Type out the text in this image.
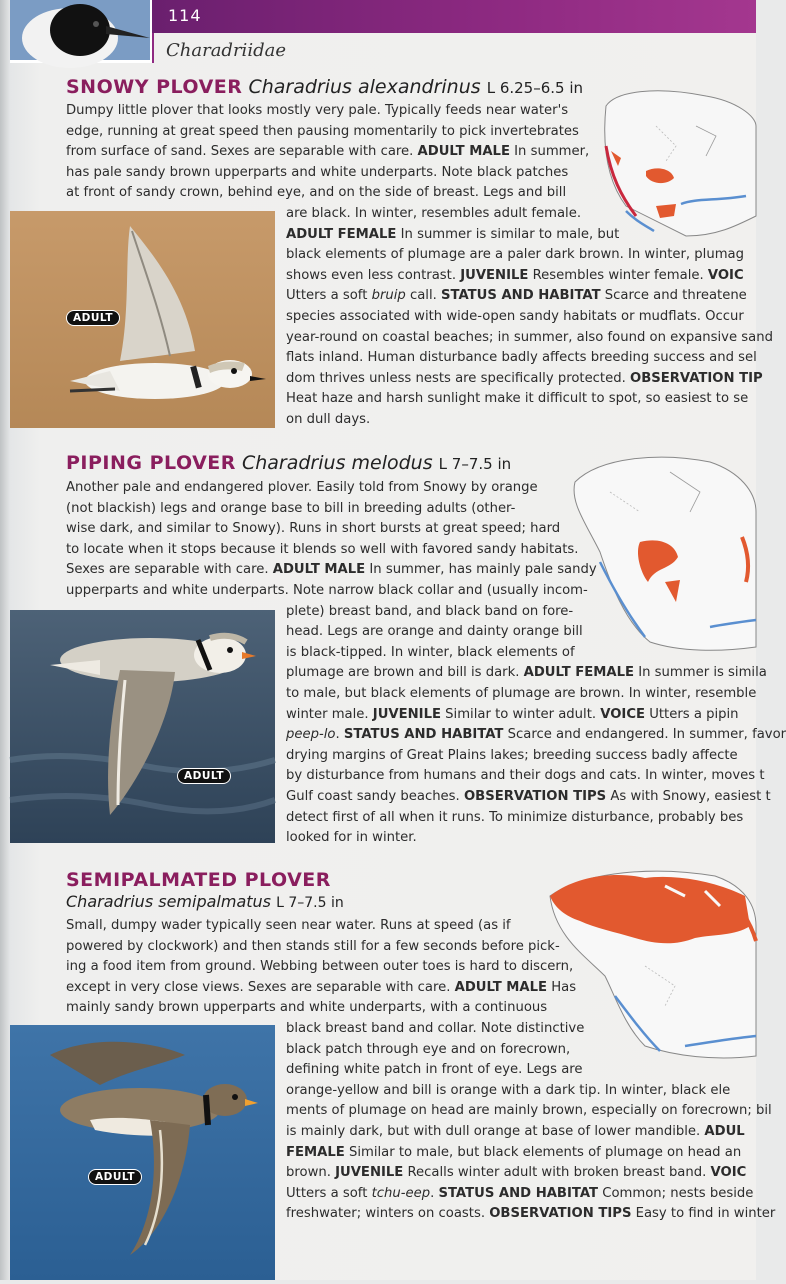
114
Charadriidae
SNOWY PLOVER Charadrius alexandrinus L 6.25–6.5 in
Dumpy little plover that looks mostly very pale. Typically feeds near water's
edge, running at great speed then pausing momentarily to pick invertebrates
from surface of sand. Sexes are separable with care. ADULT MALE In summer,
has pale sandy brown upperparts and white underparts. Note black patches
at front of sandy crown, behind eye, and on the side of breast. Legs and bill
are black. In winter, resembles adult female.
ADULT FEMALE In summer is similar to male, but
black elements of plumage are a paler dark brown. In winter, plumag
shows even less contrast. JUVENILE Resembles winter female. VOIC
Utters a soft bruip call. STATUS AND HABITAT Scarce and threatene
species associated with wide-open sandy habitats or mudflats. Occur
year-round on coastal beaches; in summer, also found on expansive sand
flats inland. Human disturbance badly affects breeding success and sel
dom thrives unless nests are specifically protected. OBSERVATION TIP
Heat haze and harsh sunlight make it difficult to spot, so easiest to se
on dull days.
ADULT
PIPING PLOVER Charadrius melodus L 7–7.5 in
Another pale and endangered plover. Easily told from Snowy by orange
(not blackish) legs and orange base to bill in breeding adults (other-
wise dark, and similar to Snowy). Runs in short bursts at great speed; hard
to locate when it stops because it blends so well with favored sandy habitats.
Sexes are separable with care. ADULT MALE In summer, has mainly pale sandy
upperparts and white underparts. Note narrow black collar and (usually incom-
plete) breast band, and black band on fore-
head. Legs are orange and dainty orange bill
is black-tipped. In winter, black elements of
plumage are brown and bill is dark. ADULT FEMALE In summer is simila
to male, but black elements of plumage are brown. In winter, resemble
winter male. JUVENILE Similar to winter adult. VOICE Utters a pipin
peep-lo. STATUS AND HABITAT Scarce and endangered. In summer, favor
drying margins of Great Plains lakes; breeding success badly affecte
by disturbance from humans and their dogs and cats. In winter, moves t
Gulf coast sandy beaches. OBSERVATION TIPS As with Snowy, easiest t
detect first of all when it runs. To minimize disturbance, probably bes
looked for in winter.
ADULT
SEMIPALMATED PLOVER
Charadrius semipalmatus L 7–7.5 in
Small, dumpy wader typically seen near water. Runs at speed (as if
powered by clockwork) and then stands still for a few seconds before pick-
ing a food item from ground. Webbing between outer toes is hard to discern,
except in very close views. Sexes are separable with care. ADULT MALE Has
mainly sandy brown upperparts and white underparts, with a continuous
black breast band and collar. Note distinctive
black patch through eye and on forecrown,
defining white patch in front of eye. Legs are
orange-yellow and bill is orange with a dark tip. In winter, black ele
ments of plumage on head are mainly brown, especially on forecrown; bil
is mainly dark, but with dull orange at base of lower mandible. ADUL
FEMALE Similar to male, but black elements of plumage on head an
brown. JUVENILE Recalls winter adult with broken breast band. VOIC
Utters a soft tchu-eep. STATUS AND HABITAT Common; nests beside
freshwater; winters on coasts. OBSERVATION TIPS Easy to find in winter
ADULT
